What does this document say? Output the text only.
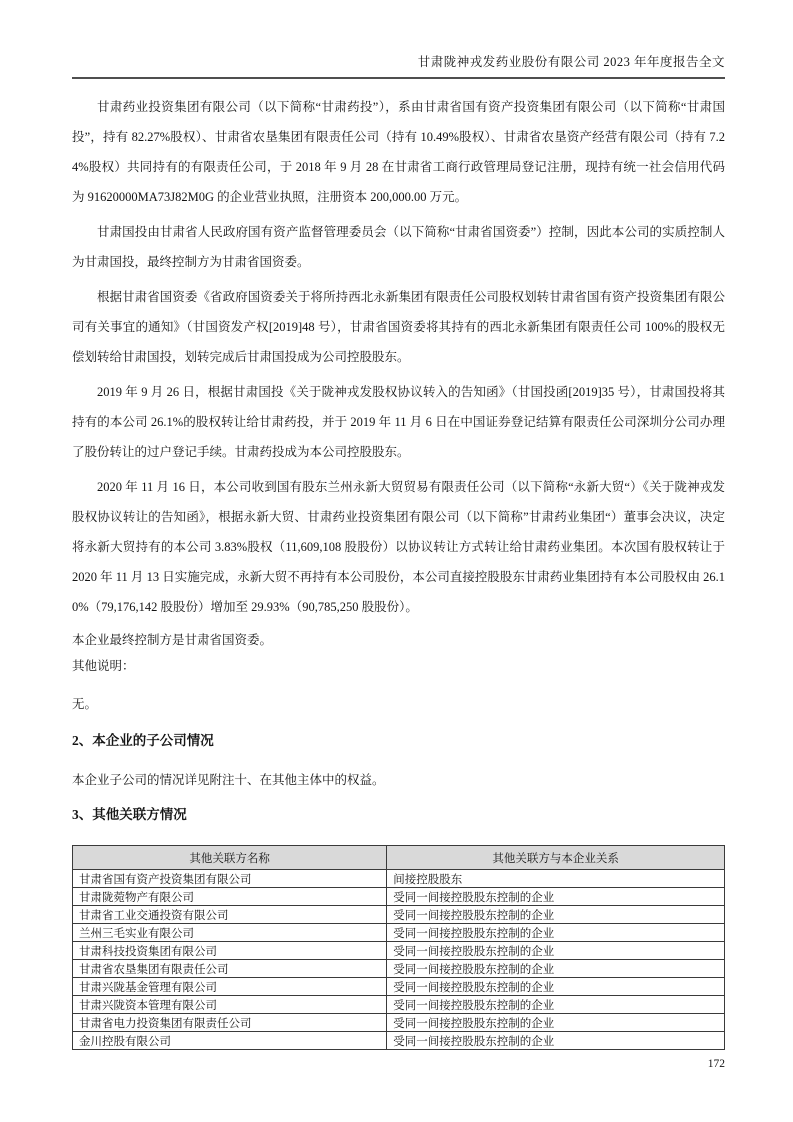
甘肃陇神戎发药业股份有限公司 2023 年年度报告全文

甘肃药业投资集团有限公司（以下简称“甘肃药投”），系由甘肃省国有资产投资集团有限公司（以下简称“甘肃国投”，持有 82.27%股权）、甘肃省农垦集团有限责任公司（持有 10.49%股权）、甘肃省农垦资产经营有限公司（持有 7.24%股权）共同持有的有限责任公司，于 2018 年 9 月 28 在甘肃省工商行政管理局登记注册，现持有统一社会信用代码为 91620000MA73J82M0G 的企业营业执照，注册资本 200,000.00 万元。

甘肃国投由甘肃省人民政府国有资产监督管理委员会（以下简称“甘肃省国资委”）控制，因此本公司的实质控制人为甘肃国投，最终控制方为甘肃省国资委。

根据甘肃省国资委《省政府国资委关于将所持西北永新集团有限责任公司股权划转甘肃省国有资产投资集团有限公司有关事宜的通知》（甘国资发产权[2019]48 号），甘肃省国资委将其持有的西北永新集团有限责任公司 100%的股权无偿划转给甘肃国投，划转完成后甘肃国投成为公司控股股东。

2019 年 9 月 26 日，根据甘肃国投《关于陇神戎发股权协议转入的告知函》（甘国投函[2019]35 号），甘肃国投将其持有的本公司 26.1%的股权转让给甘肃药投，并于 2019 年 11 月 6 日在中国证券登记结算有限责任公司深圳分公司办理了股份转让的过户登记手续。甘肃药投成为本公司控股股东。

2020 年 11 月 16 日，本公司收到国有股东兰州永新大贸贸易有限责任公司（以下简称“永新大贸“）《关于陇神戎发股权协议转让的告知函》，根据永新大贸、甘肃药业投资集团有限公司（以下简称”甘肃药业集团“）董事会决议，决定将永新大贸持有的本公司 3.83%股权（11,609,108 股股份）以协议转让方式转让给甘肃药业集团。本次国有股权转让于 2020 年 11 月 13 日实施完成，永新大贸不再持有本公司股份，本公司直接控股股东甘肃药业集团持有本公司股权由 26.10%（79,176,142 股股份）增加至 29.93%（90,785,250 股股份）。

本企业最终控制方是甘肃省国资委。

其他说明：

无。

2、本企业的子公司情况

本企业子公司的情况详见附注十、在其他主体中的权益。

3、其他关联方情况
其他关联方名称	其他关联方与本企业关系
甘肃省国有资产投资集团有限公司	间接控股股东
甘肃陇菀物产有限公司	受同一间接控股股东控制的企业
甘肃省工业交通投资有限公司	受同一间接控股股东控制的企业
兰州三毛实业有限公司	受同一间接控股股东控制的企业
甘肃科技投资集团有限公司	受同一间接控股股东控制的企业
甘肃省农垦集团有限责任公司	受同一间接控股股东控制的企业
甘肃兴陇基金管理有限公司	受同一间接控股股东控制的企业
甘肃兴陇资本管理有限公司	受同一间接控股股东控制的企业
甘肃省电力投资集团有限责任公司	受同一间接控股股东控制的企业
金川控股有限公司	受同一间接控股股东控制的企业
172
